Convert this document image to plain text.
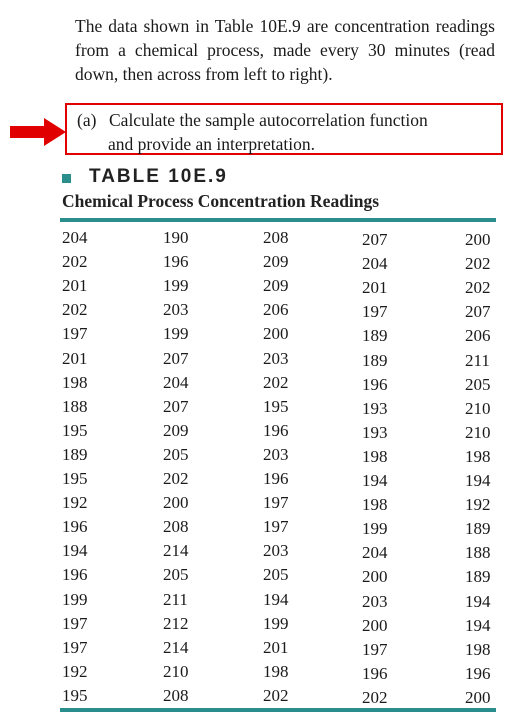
The data shown in Table 10E.9 are concentration readings from a chemical process, made every 30 minutes (read down, then across from left to right).

(a) Calculate the sample autocorrelation function
and provide an interpretation.
TABLE 10E.9
Chemical Process Concentration Readings
204
202
201
202
197
201
198
188
195
189
195
192
196
194
196
199
197
197
192
195
190
196
199
203
199
207
204
207
209
205
202
200
208
214
205
211
212
214
210
208
208
209
209
206
200
203
202
195
196
203
196
197
197
203
205
194
199
201
198
202
207
204
201
197
189
189
196
193
193
198
194
198
199
204
200
203
200
197
196
202
200
202
202
207
206
211
205
210
210
198
194
192
189
188
189
194
194
198
196
200
